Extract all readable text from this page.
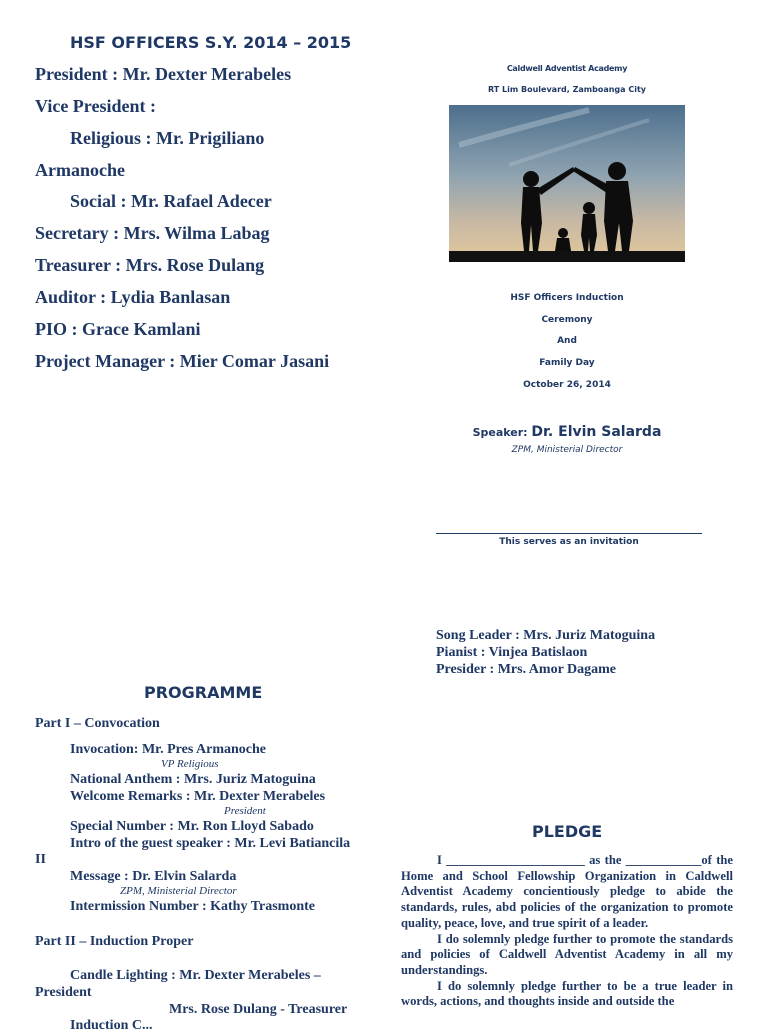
HSF OFFICERS S.Y. 2014 – 2015
President : Mr. Dexter Merabeles
Vice President :
Religious : Mr. Prigiliano
Armanoche
Social : Mr. Rafael Adecer
Secretary : Mrs. Wilma Labag
Treasurer : Mrs. Rose Dulang
Auditor : Lydia Banlasan
PIO : Grace Kamlani
Project Manager : Mier Comar Jasani
Caldwell Adventist Academy
RT Lim Boulevard, Zamboanga City
HSF Officers Induction
Ceremony
And
Family Day
October 26, 2014
Speaker: Dr. Elvin Salarda
ZPM, Ministerial Director
This serves as an invitation
Song Leader : Mrs. Juriz Matoguina
Pianist : Vinjea Batislaon
Presider : Mrs. Amor Dagame
PROGRAMME
Part I – Convocation
Invocation: Mr. Pres Armanoche
VP Religious
National Anthem : Mrs. Juriz Matoguina
Welcome Remarks : Mr. Dexter Merabeles
President
Special Number : Mr. Ron Lloyd Sabado
Intro of the guest speaker : Mr. Levi Batiancila
II
Message : Dr. Elvin Salarda
ZPM, Ministerial Director
Intermission Number : Kathy Trasmonte
Part II – Induction Proper
Candle Lighting : Mr. Dexter Merabeles –
President
Mrs. Rose Dulang - Treasurer
Induction C...
PLEDGE

I ______________________ as the ____________of the Home and School Fellowship Organization in Caldwell Adventist Academy concientiously pledge to abide the standards, rules, abd policies of the organization to promote quality, peace, love, and true spirit of a leader.

I do solemnly pledge further to promote the standards and policies of Caldwell Adventist Academy in all my understandings.

I do solemnly pledge further to be a true leader in words, actions, and thoughts inside and outside the
